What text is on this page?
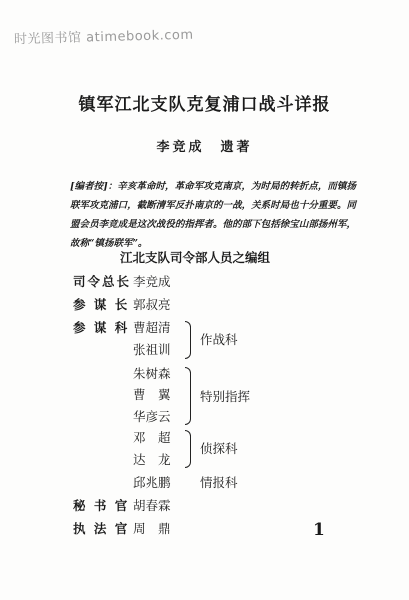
时光图书馆 atimebook.com
镇军江北支队克复浦口战斗详报
李竞成　遗著
[编者按]：辛亥革命时，革命军攻克南京，为时局的转折点，而镇扬联军攻克浦口，截断清军反扑南京的一战，关系时局也十分重要。同盟会员李竞成是这次战役的指挥者。他的部下包括徐宝山部扬州军，故称“镇扬联军”。
江北支队司令部人员之编组
司令总长 李竞成
参 谋 长 郭叔亮
参 谋 科 曹超清
张祖训
朱树森
曹　翼
华彦云
邓　超
达　龙
邱兆鹏
秘 书 官 胡春霖
执 法 官 周　鼎
作战科
特别指挥
侦探科
情报科
1
